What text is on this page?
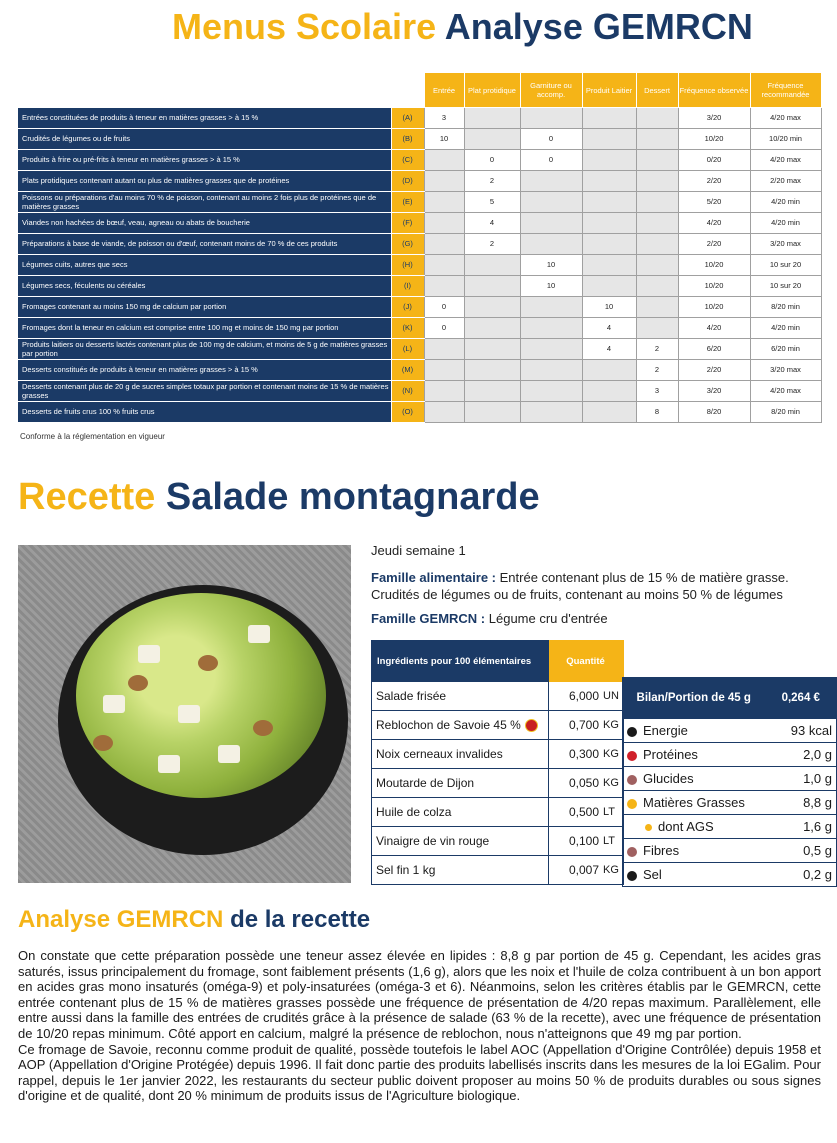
Menus Scolaire Analyse GEMRCN
		Entrée	Plat protidique	Garniture ou accomp.	Produit Laitier	Dessert	Fréquence observée	Fréquence recommandée
Entrées constituées de produits à teneur en matières grasses > à 15 %	(A)	3					3/20	4/20 max
Crudités de légumes ou de fruits	(B)	10		0			10/20	10/20 min
Produits à frire ou pré-frits à teneur en matières grasses > à 15 %	(C)		0	0			0/20	4/20 max
Plats protidiques contenant autant ou plus de matières grasses que de protéines	(D)		2				2/20	2/20 max
Poissons ou préparations d'au moins 70 % de poisson, contenant au moins 2 fois plus de protéines que de matières grasses	(E)		5				5/20	4/20 min
Viandes non hachées de bœuf, veau, agneau ou abats de boucherie	(F)		4				4/20	4/20 min
Préparations à base de viande, de poisson ou d'œuf, contenant moins de 70 % de ces produits	(G)		2				2/20	3/20 max
Légumes cuits, autres que secs	(H)			10			10/20	10 sur 20
Légumes secs, féculents ou céréales	(I)			10			10/20	10 sur 20
Fromages contenant au moins 150 mg de calcium par portion	(J)	0			10		10/20	8/20 min
Fromages dont la teneur en calcium est comprise entre 100 mg et moins de 150 mg par portion	(K)	0			4		4/20	4/20 min
Produits laitiers ou desserts lactés contenant plus de 100 mg de calcium, et moins de 5 g de matières grasses par portion	(L)				4	2	6/20	6/20 min
Desserts constitués de produits à teneur en matières grasses > à 15 %	(M)					2	2/20	3/20 max
Desserts contenant plus de 20 g de sucres simples totaux par portion et contenant moins de 15 % de matières grasses	(N)					3	3/20	4/20 max
Desserts de fruits crus 100 % fruits crus	(O)					8	8/20	8/20 min
Conforme à la réglementation en vigueur
Recette Salade montagnarde
Jeudi semaine 1
Famille alimentaire : Entrée contenant plus de 15 % de matière grasse. Crudités de légumes ou de fruits, contenant au moins 50 % de légumes
Famille GEMRCN : Légume cru d'entrée
Ingrédients pour 100 élémentaires	Quantité	
Salade frisée	6,000	UN
Reblochon de Savoie 45 %	0,700	KG
Noix cerneaux invalides	0,300	KG
Moutarde de Dijon	0,050	KG
Huile de colza	0,500	LT
Vinaigre de vin rouge	0,100	LT
Sel fin 1 kg	0,007	KG
Bilan/Portion de 45 g	0,264 €
Energie	93 kcal
Protéines	2,0 g
Glucides	1,0 g
Matières Grasses	8,8 g
dont AGS	1,6 g
Fibres	0,5 g
Sel	0,2 g
Analyse GEMRCN de la recette
On constate que cette préparation possède une teneur assez élevée en lipides : 8,8 g par portion de 45 g. Cependant, les acides gras saturés, issus principalement du fromage, sont faiblement présents (1,6 g), alors que les noix et l'huile de colza contribuent à un bon apport en acides gras mono insaturés (oméga-9) et poly-insaturées (oméga-3 et 6). Néanmoins, selon les critères établis par le GEMRCN, cette entrée contenant plus de 15 % de matières grasses possède une fréquence de présentation de 4/20 repas maximum. Parallèlement, elle entre aussi dans la famille des entrées de crudités grâce à la présence de salade (63 % de la recette), avec une fréquence de présentation de 10/20 repas minimum. Côté apport en calcium, malgré la présence de reblochon, nous n'atteignons que 49 mg par portion.
Ce fromage de Savoie, reconnu comme produit de qualité, possède toutefois le label AOC (Appellation d'Origine Contrôlée) depuis 1958 et AOP (Appellation d'Origine Protégée) depuis 1996. Il fait donc partie des produits labellisés inscrits dans les mesures de la loi EGalim. Pour rappel, depuis le 1er janvier 2022, les restaurants du secteur public doivent proposer au moins 50 % de produits durables ou sous signes d'origine et de qualité, dont 20 % minimum de produits issus de l'Agriculture biologique.
